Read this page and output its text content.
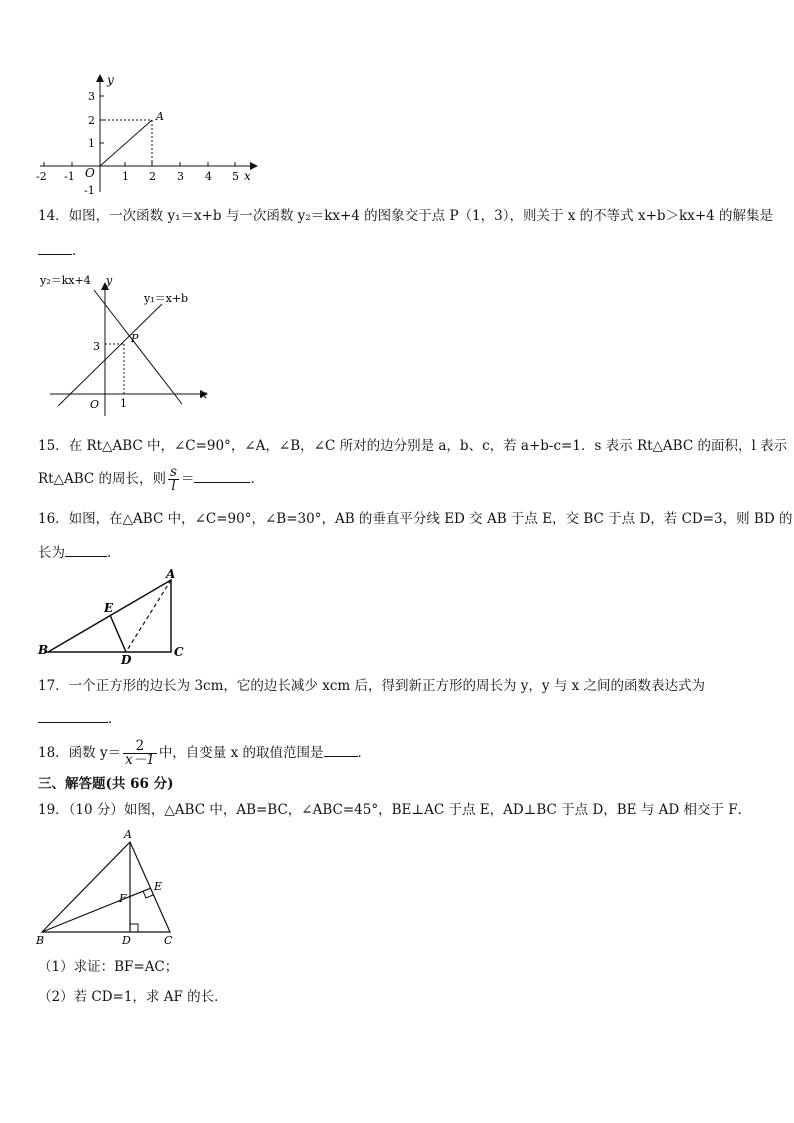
y
x
O
A
3
2
1
-1
-2 -1	1 2 3 4 5
14．如图，一次函数 y₁＝x+b 与一次函数 y₂＝kx+4 的图象交于点 P（1，3），则关于 x 的不等式 x+b＞kx+4 的解集是
．
y₂＝kx+4 y
y₁＝x+b
P
3
O 1
x
15．在 Rt△ABC 中，∠C=90°，∠A，∠B，∠C 所对的边分别是 a，b、c，若 a+b-c=1．s 表示 Rt△ABC 的面积，l 表示
Rt△ABC 的周长，则 $\frac{s}{l}$ ＝	．
16．如图，在△ABC 中，∠C=90°，∠B=30°，AB 的垂直平分线 ED 交 AB 于点 E，交 BC 于点 D，若 CD=3，则 BD 的
长为	．
A
B	C
D
E
17．一个正方形的边长为 3cm，它的边长减少 xcm 后，得到新正方形的周长为 y，y 与 x 之间的函数表达式为
．
18．函数 $y= \frac{2}{x-1}$ 中，自变量 x 的取值范围是	．
三、解答题(共 66 分)
19．（10 分）如图，△ABC 中，AB=BC，∠ABC=45°，BE⊥AC 于点 E，AD⊥BC 于点 D，BE 与 AD 相交于 F．
A
B	C
D
E
F
（1）求证：BF=AC；
（2）若 CD=1，求 AF 的长．
